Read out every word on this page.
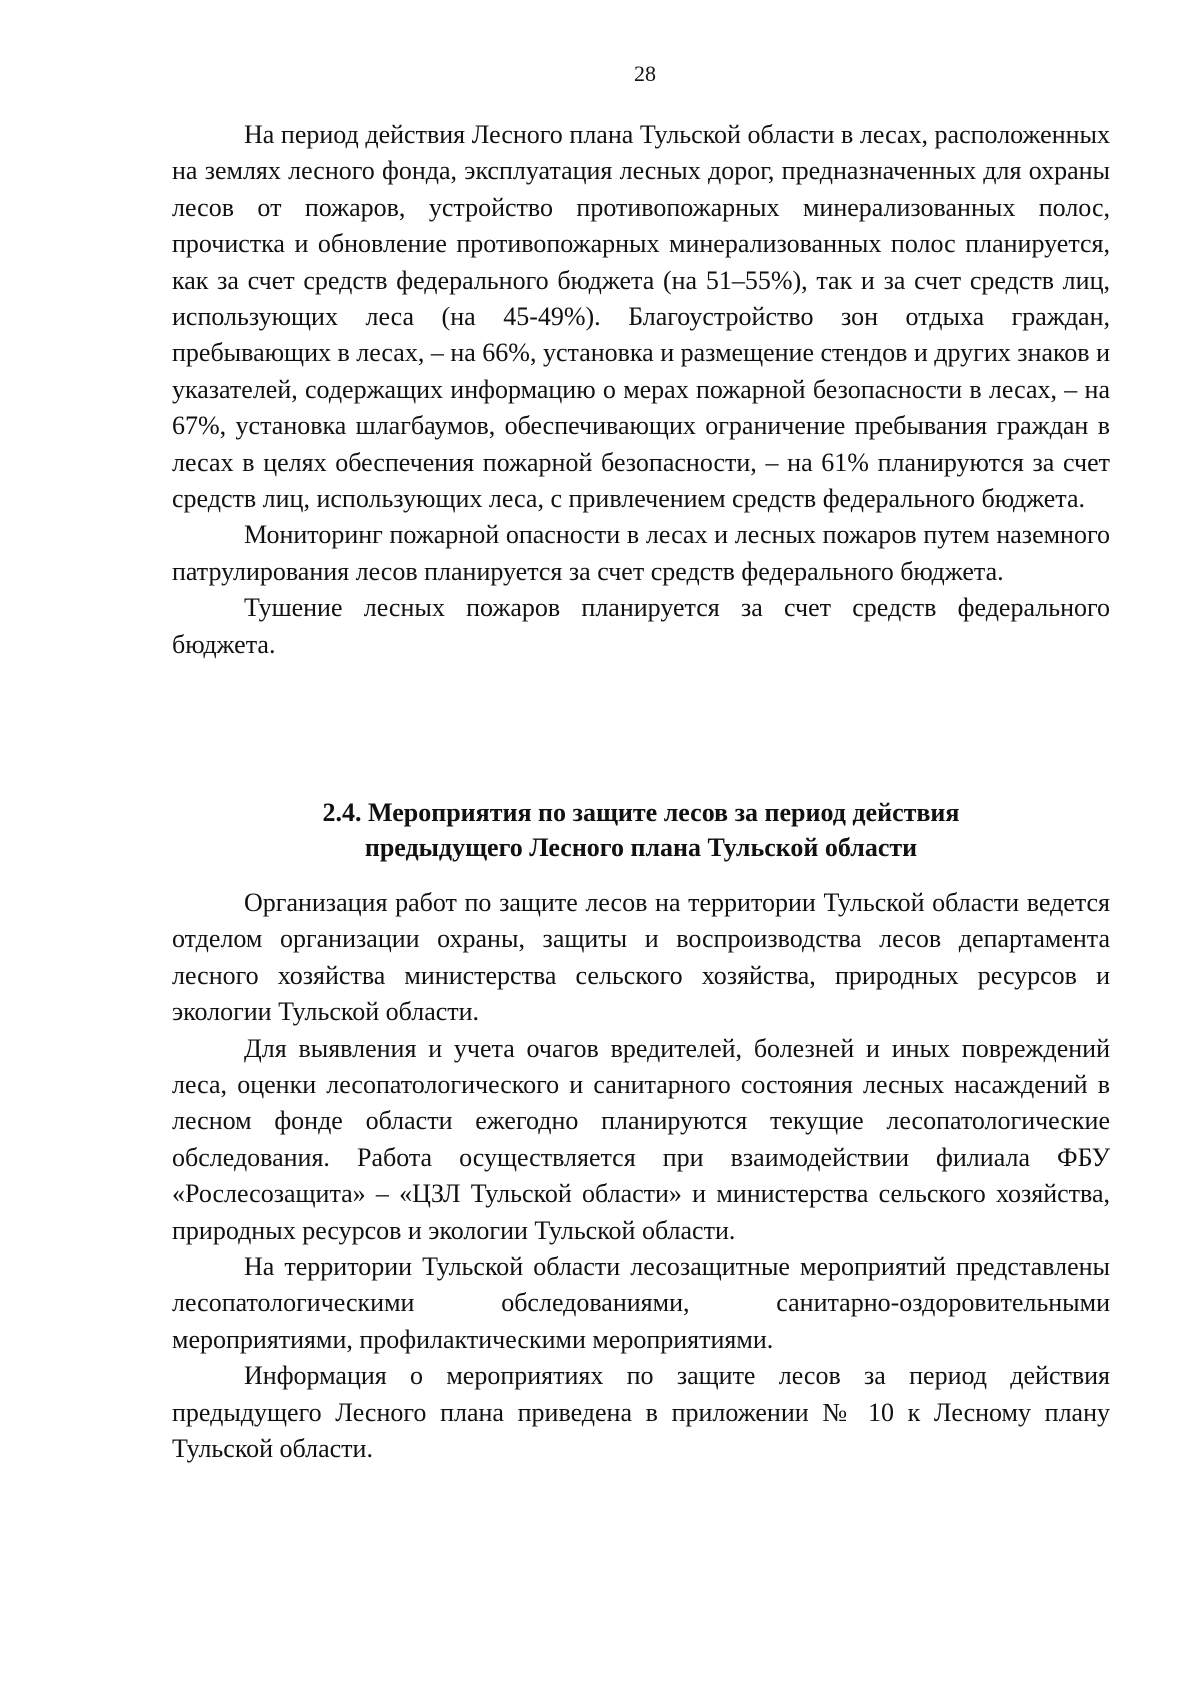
28

На период действия Лесного плана Тульской области в лесах, расположенных на землях лесного фонда, эксплуатация лесных дорог, предназначенных для охраны лесов от пожаров, устройство противопожарных минерализованных полос, прочистка и обновление противопожарных минерализованных полос планируется, как за счет средств федерального бюджета (на 51–55%), так и за счет средств лиц, использующих леса (на 45-49%). Благоустройство зон отдыха граждан, пребывающих в лесах, – на 66%, установка и размещение стендов и других знаков и указателей, содержащих информацию о мерах пожарной безопасности в лесах, – на 67%, установка шлагбаумов, обеспечивающих ограничение пребывания граждан в лесах в целях обеспечения пожарной безопасности, – на 61% планируются за счет средств лиц, использующих леса, с привлечением средств федерального бюджета.

Мониторинг пожарной опасности в лесах и лесных пожаров путем наземного патрулирования лесов планируется за счет средств федерального бюджета.

Тушение лесных пожаров планируется за счет средств федерального бюджета.

2.4. Мероприятия по защите лесов за период действия
предыдущего Лесного плана Тульской области

Организация работ по защите лесов на территории Тульской области ведется отделом организации охраны, защиты и воспроизводства лесов департамента лесного хозяйства министерства сельского хозяйства, природных ресурсов и экологии Тульской области.

Для выявления и учета очагов вредителей, болезней и иных повреждений леса, оценки лесопатологического и санитарного состояния лесных насаждений в лесном фонде области ежегодно планируются текущие лесопатологические обследования. Работа осуществляется при взаимодействии филиала ФБУ «Рослесозащита» – «ЦЗЛ Тульской области» и министерства сельского хозяйства, природных ресурсов и экологии Тульской области.

На территории Тульской области лесозащитные мероприятий представлены лесопатологическими обследованиями, санитарно-оздоровительными мероприятиями, профилактическими мероприятиями.

Информация о мероприятиях по защите лесов за период действия предыдущего Лесного плана приведена в приложении № 10 к Лесному плану Тульской области.
